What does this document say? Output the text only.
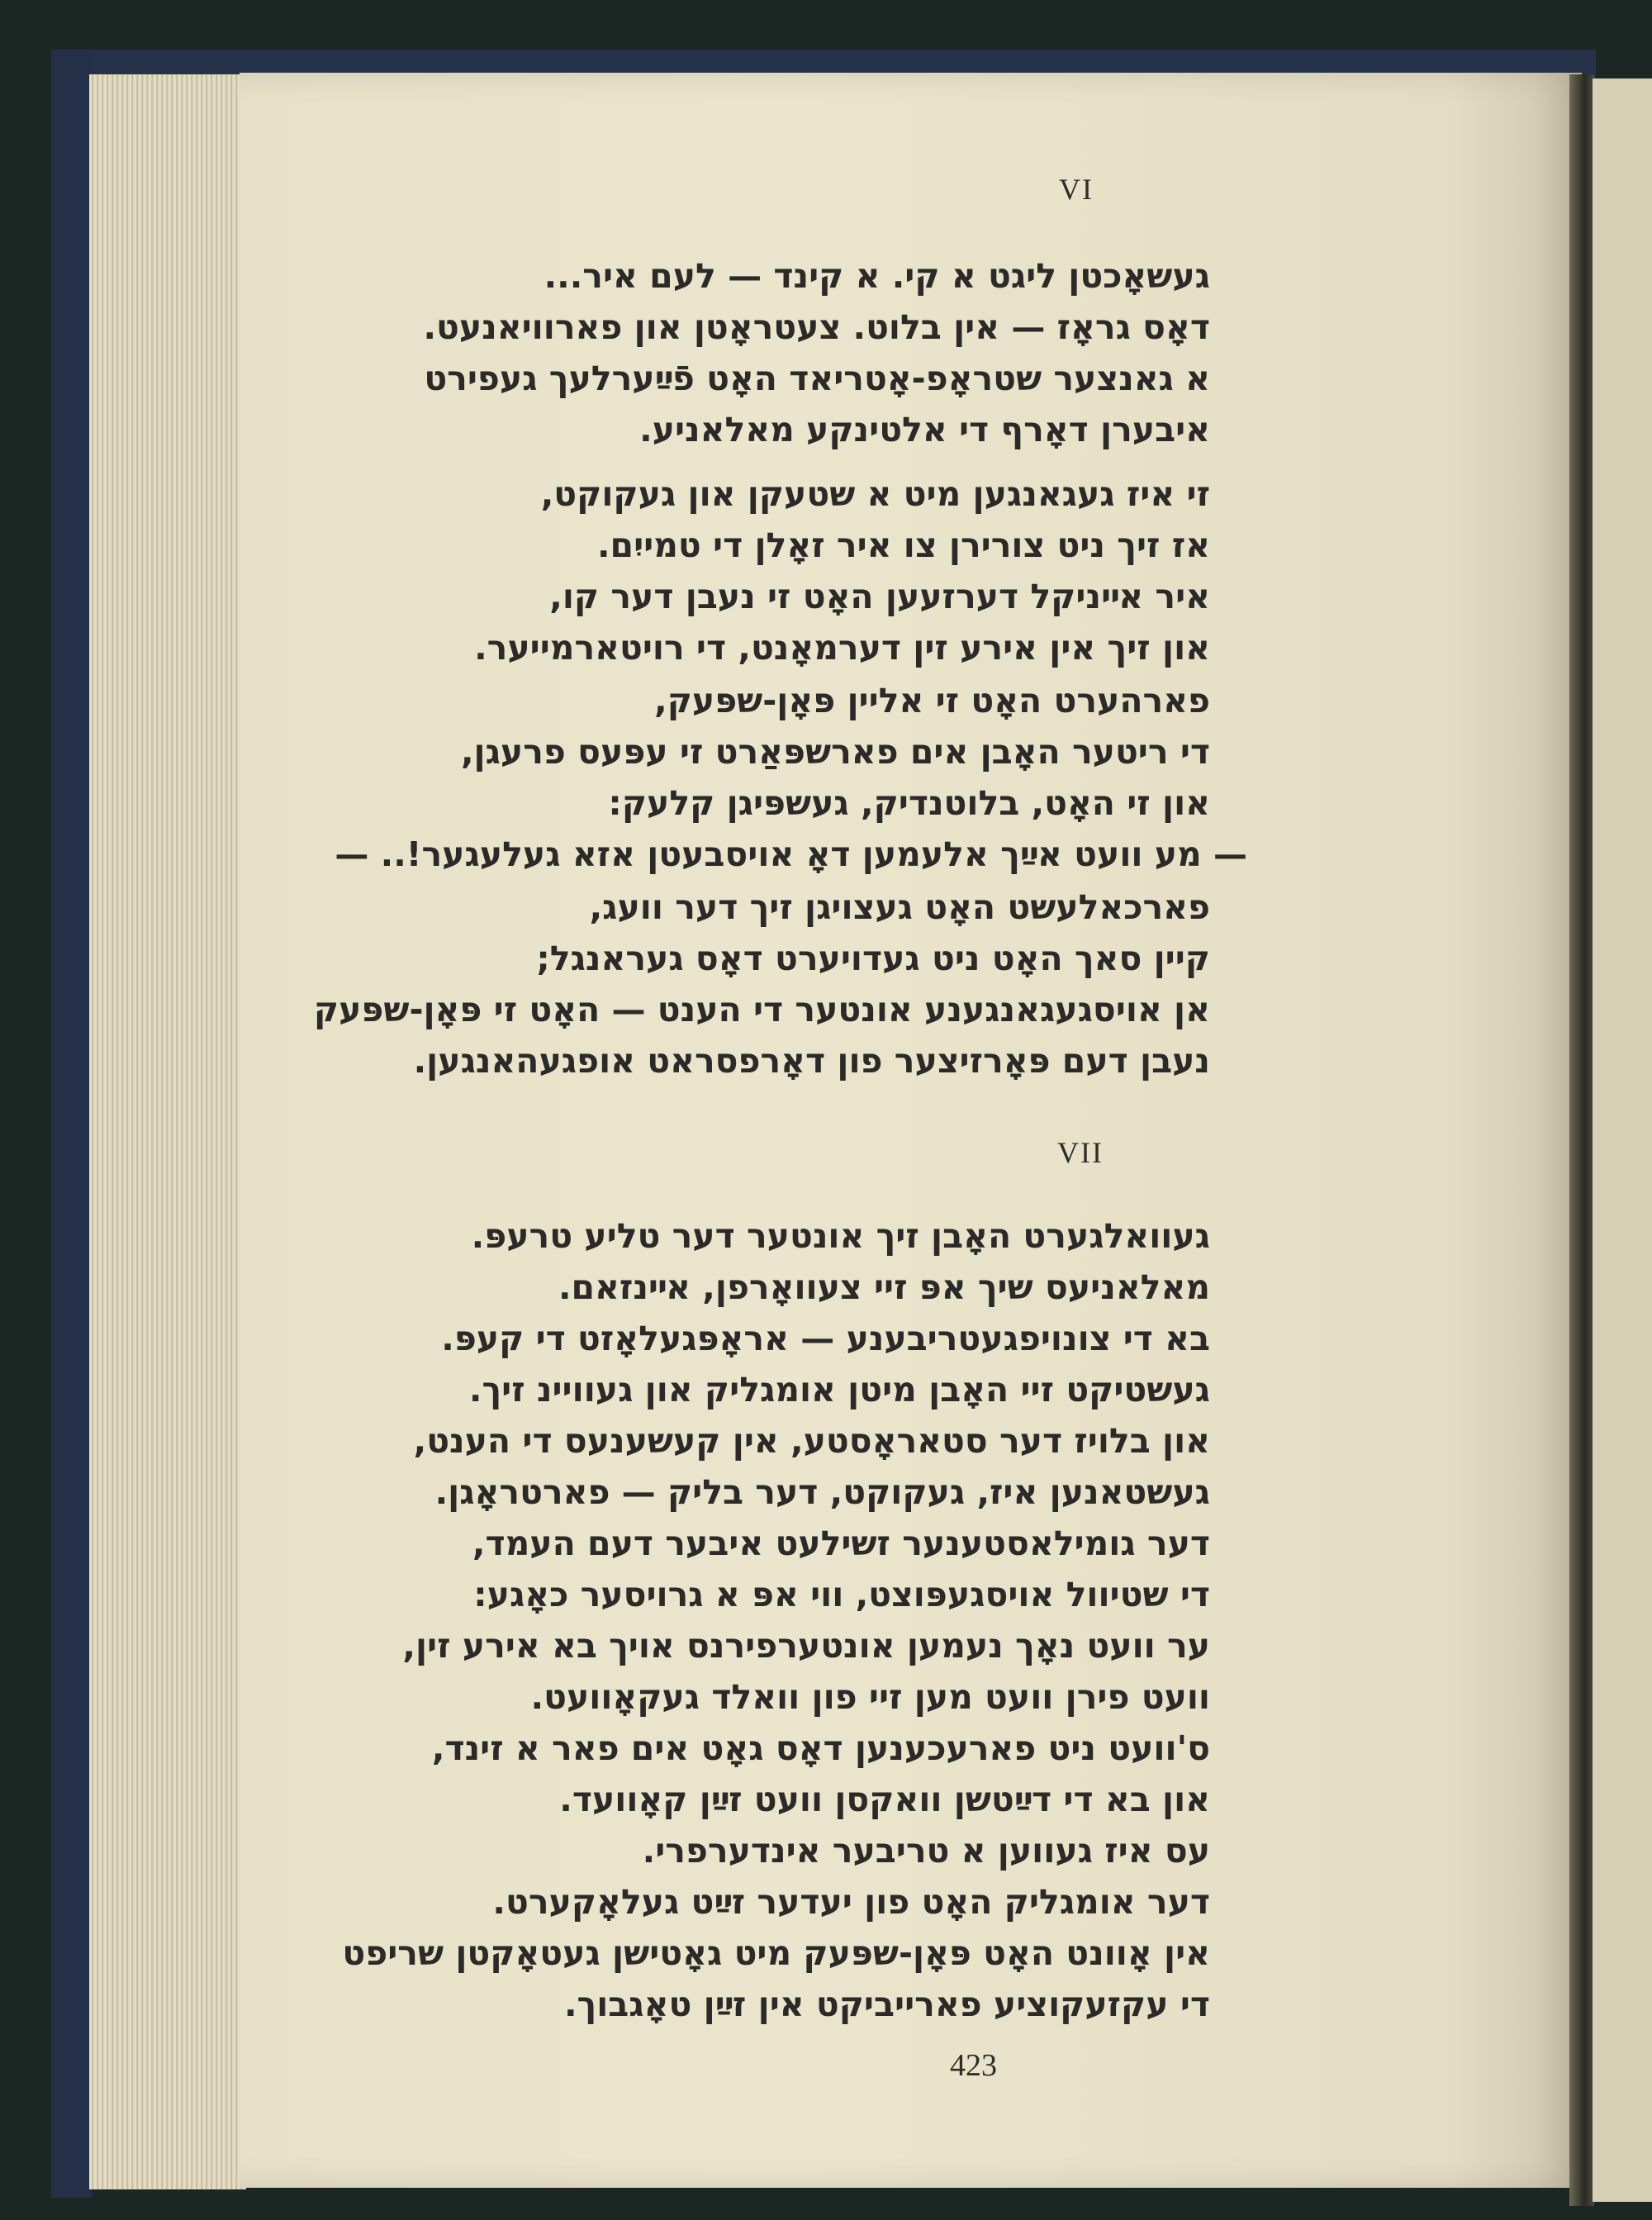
VI
געשאָכטן ליגט א קי. א קינד — לעם איר...
דאָס גראָז — אין בלוט. צעטראָטן און פארוויאנעט.
א גאנצער שטראָפ-אָטריאד האָט פֿײַערלעך געפירט
איבערן דאָרף די אלטינקע מאלאניע.
זי איז געגאנגען מיט א שטעקן און געקוקט,
אז זיך ניט צורירן צו איר זאָלן די טמייִם.
איר אײניקל דערזעען האָט זי נעבן דער קו,
און זיך אין אירע זין דערמאָנט, די רויטארמייער.
פארהערט האָט זי אליין פּאָן-שפּעק,
די ריטער האָבן אים פארשפּאַרט זי עפּעס פרעגן,
און זי האָט, בלוטנדיק, געשפּיגן קלעק:
— מע וועט אײַך אלעמען דאָ אויסבעטן אזא געלעגער!.. —
פארכאלעשט האָט געצויגן זיך דער וועג,
קיין סאך האָט ניט געדויערט דאָס געראנגל;
אן אויסגעגאנגענע אונטער די הענט — האָט זי פּאָן-שפּעק
נעבן דעם פּאָרזיצער פון דאָרפסראט אופגעהאנגען.
VII
געוואלגערט האָבן זיך אונטער דער טליע טרעפּ.
מאלאניעס שיך אפּ זיי צעוואָרפן, אײנזאם.
בא די צונויפגעטריבענע — אראָפּגעלאָזט די קעפּ.
געשטיקט זיי האָבן מיטן אומגליק און געוויינ זיך.
און בלויז דער סטאראָסטע, אין קעשענעס די הענט,
געשטאנען איז, געקוקט, דער בליק — פארטראָגן.
דער גומילאסטענער זשילעט איבער דעם העמד,
די שטיוול אויסגעפּוצט, ווי אפּ א גרויסער כאָגע:
ער וועט נאָך נעמען אונטערפירנס אויך בא אירע זין,
וועט פירן וועט מען זיי פון וואלד געקאָוועט.
ס'וועט ניט פארעכענען דאָס גאָט אים פאר א זינד,
און בא די דײַטשן וואקסן וועט זײַן קאָוועד.
עס איז געווען א טריבער אינדערפרי.
דער אומגליק האָט פון יעדער זײַט געלאָקערט.
אין אָוונט האָט פּאָן-שפּעק מיט גאָטישן געטאָקטן שריפט
די עקזעקוציע פארייביקט אין זײַן טאָגבוך.
423
